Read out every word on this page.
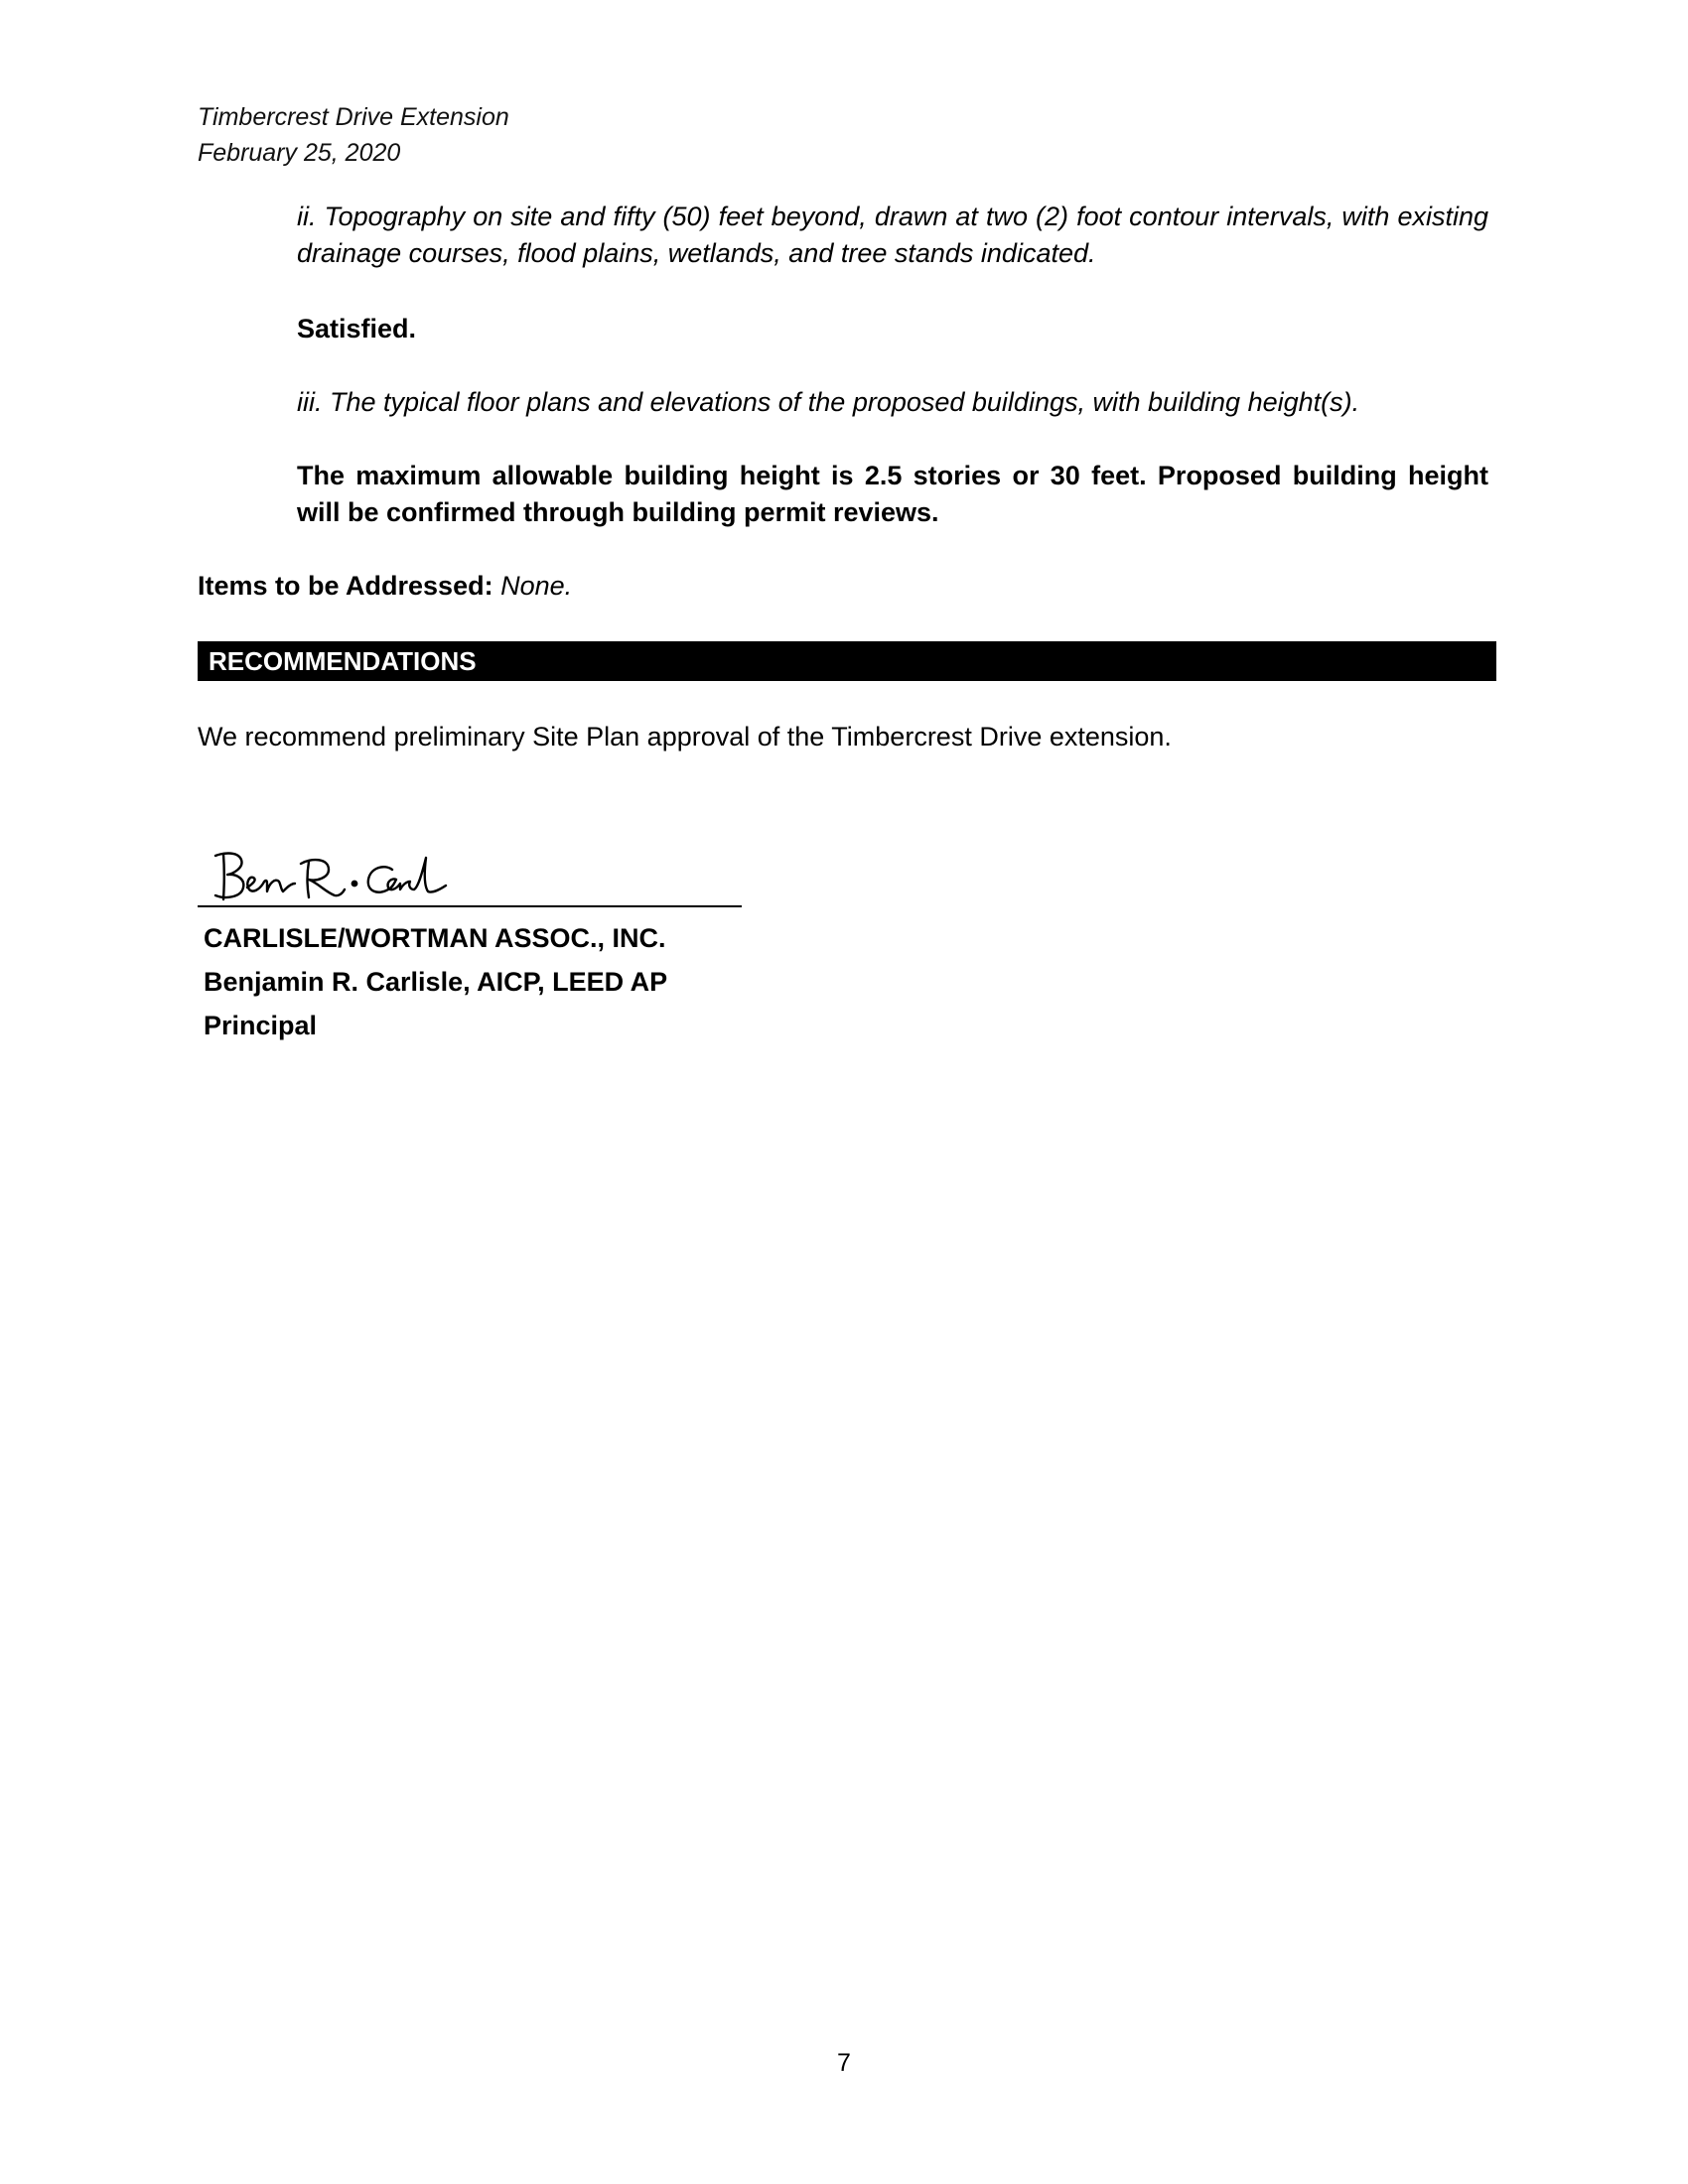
Timbercrest Drive Extension
February 25, 2020
ii. Topography on site and fifty (50) feet beyond, drawn at two (2) foot contour intervals, with existing drainage courses, flood plains, wetlands, and tree stands indicated.
Satisfied.
iii. The typical floor plans and elevations of the proposed buildings, with building height(s).
The maximum allowable building height is 2.5 stories or 30 feet. Proposed building height will be confirmed through building permit reviews.
Items to be Addressed: None.
RECOMMENDATIONS
We recommend preliminary Site Plan approval of the Timbercrest Drive extension.
CARLISLE/WORTMAN ASSOC., INC.
Benjamin R. Carlisle, AICP, LEED AP
Principal
7
